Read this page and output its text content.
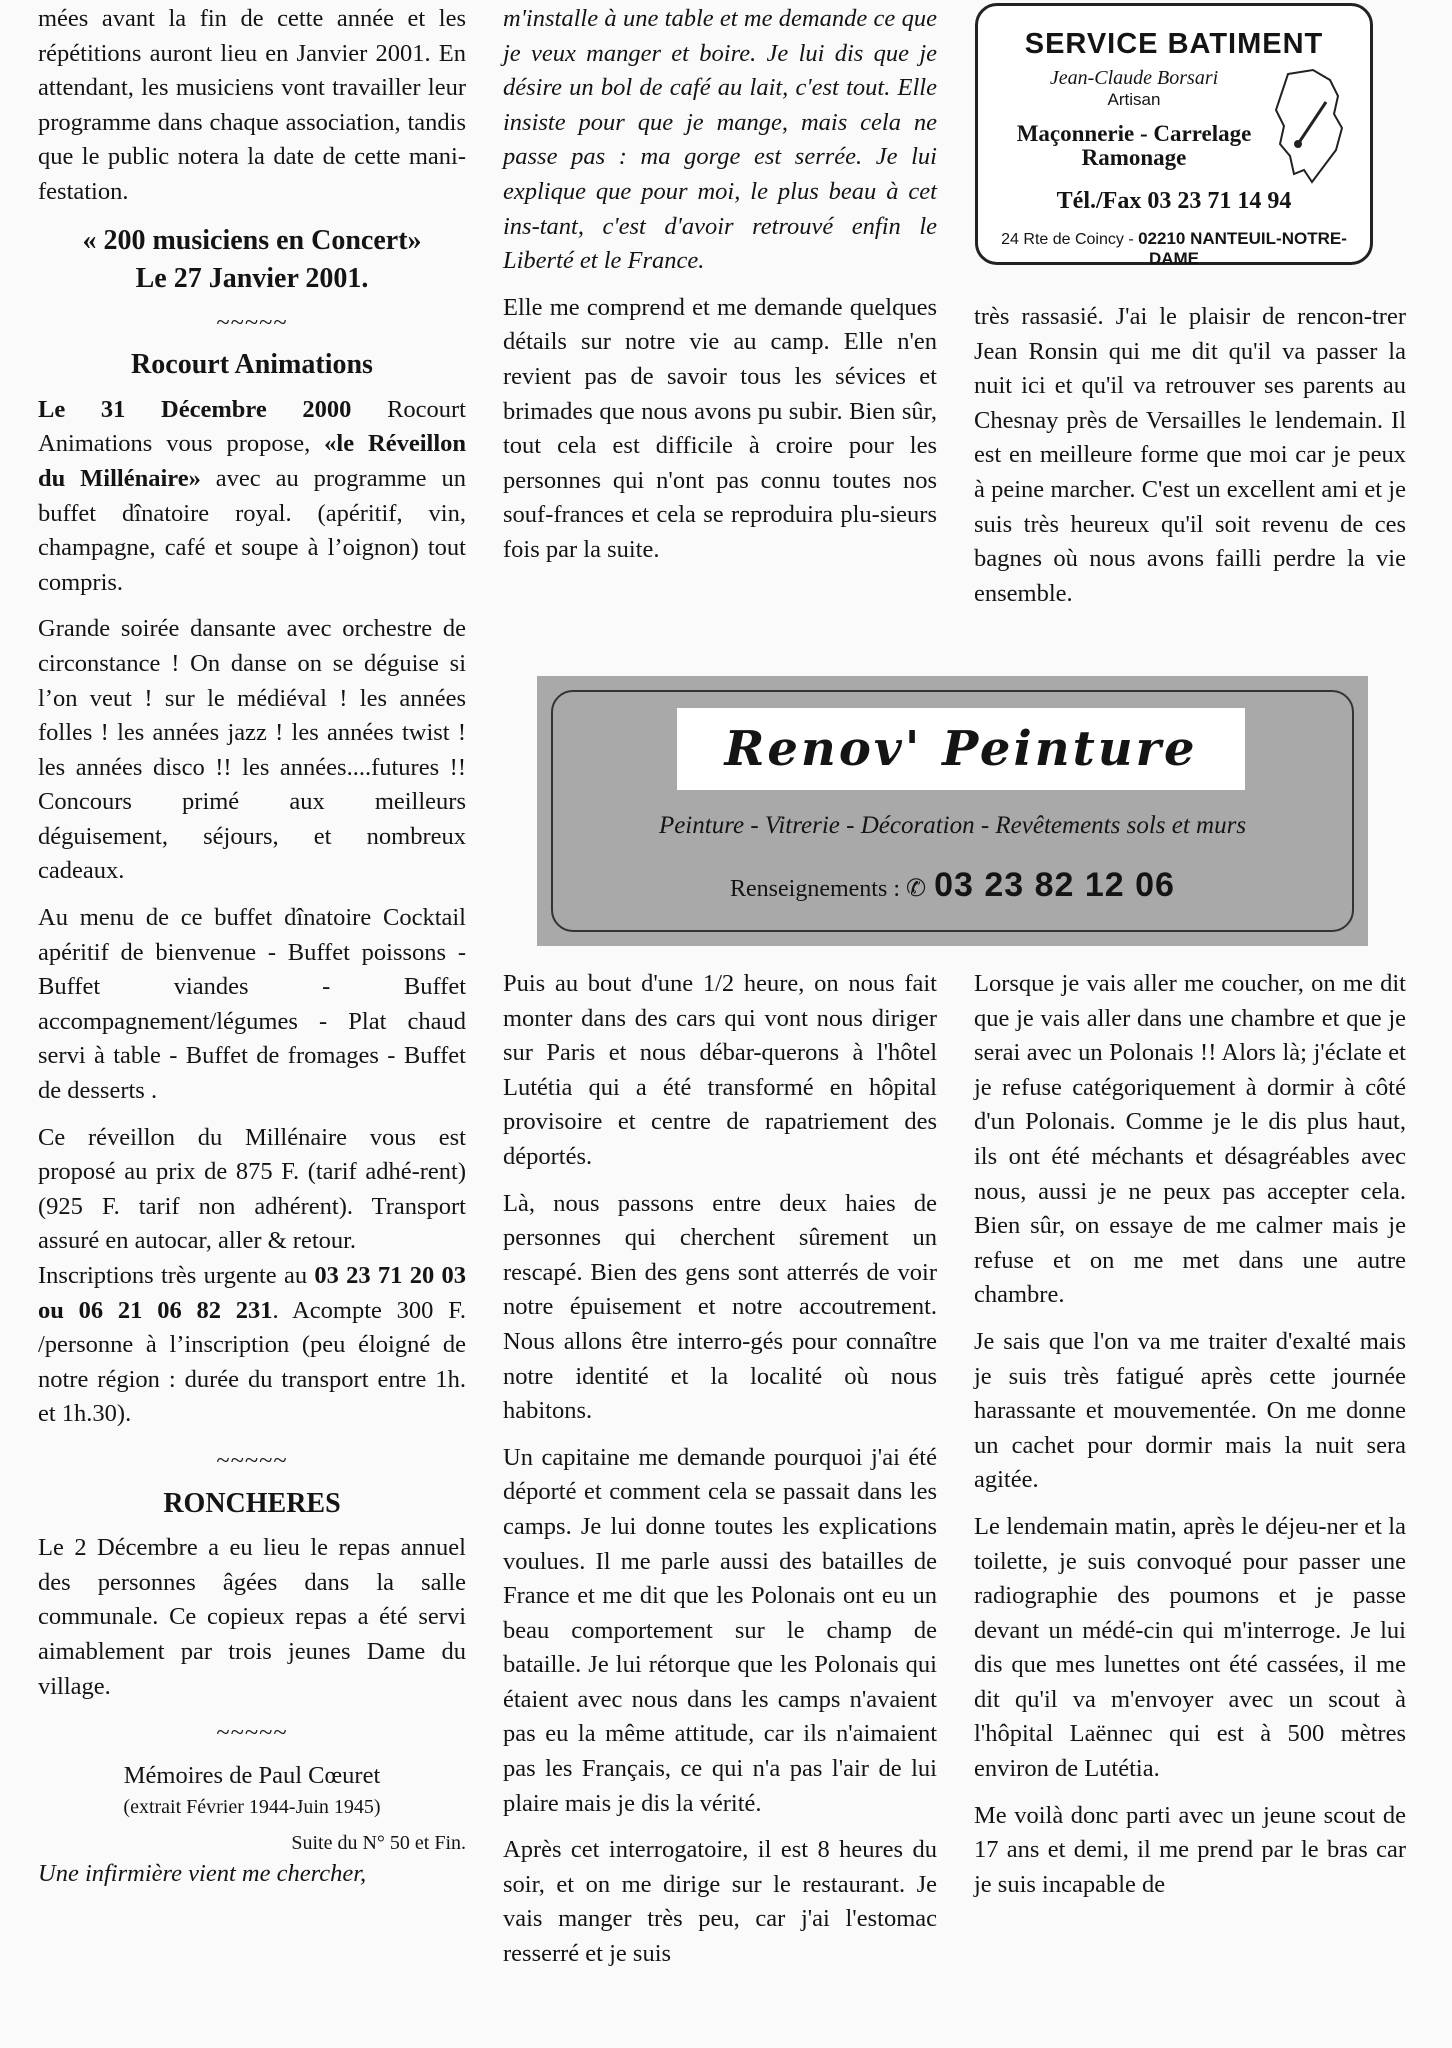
mées avant la fin de cette année et les répétitions auront lieu en Janvier 2001. En attendant, les musiciens vont travailler leur programme dans chaque association, tandis que le public notera la date de cette mani-festation.

« 200 musiciens en Concert»
Le 27 Janvier 2001.
~~~~~
Rocourt Animations

Le 31 Décembre 2000 Rocourt Animations vous propose, «le Réveillon du Millénaire» avec au programme un buffet dînatoire royal. (apéritif, vin, champagne, café et soupe à l’oignon) tout compris.

Grande soirée dansante avec orchestre de circonstance ! On danse on se déguise si l’on veut ! sur le médiéval ! les années folles ! les années jazz ! les années twist ! les années disco !! les années....futures !! Concours primé aux meilleurs déguisement, séjours, et nombreux cadeaux.

Au menu de ce buffet dînatoire Cocktail apéritif de bienvenue - Buffet poissons - Buffet viandes - Buffet accompagnement/légumes - Plat chaud servi à table - Buffet de fromages - Buffet de desserts .

Ce réveillon du Millénaire vous est proposé au prix de 875 F. (tarif adhé-rent) (925 F. tarif non adhérent). Transport assuré en autocar, aller & retour.

Inscriptions très urgente au 03 23 71 20 03 ou 06 21 06 82 231. Acompte 300 F. /personne à l’inscription (peu éloigné de notre région : durée du transport entre 1h. et 1h.30).

~~~~~
RONCHERES

Le 2 Décembre a eu lieu le repas annuel des personnes âgées dans la salle communale. Ce copieux repas a été servi aimablement par trois jeunes Dame du village.

~~~~~
Mémoires de Paul Cœuret
(extrait Février 1944-Juin 1945)
Suite du N° 50 et Fin.
Une infirmière vient me chercher,

m'installe à une table et me demande ce que je veux manger et boire. Je lui dis que je désire un bol de café au lait, c'est tout. Elle insiste pour que je mange, mais cela ne passe pas : ma gorge est serrée. Je lui explique que pour moi, le plus beau à cet ins-tant, c'est d'avoir retrouvé enfin le Liberté et le France.

Elle me comprend et me demande quelques détails sur notre vie au camp. Elle n'en revient pas de savoir tous les sévices et brimades que nous avons pu subir. Bien sûr, tout cela est difficile à croire pour les personnes qui n'ont pas connu toutes nos souf-frances et cela se reproduira plu-sieurs fois par la suite.

SERVICE BATIMENT
Jean-Claude Borsari
Artisan
Maçonnerie - Carrelage Ramonage
Tél./Fax 03 23 71 14 94
24 Rte de Coincy - 02210 NANTEUIL-NOTRE-DAME

très rassasié. J'ai le plaisir de rencon-trer Jean Ronsin qui me dit qu'il va passer la nuit ici et qu'il va retrouver ses parents au Chesnay près de Versailles le lendemain. Il est en meilleure forme que moi car je peux à peine marcher. C'est un excellent ami et je suis très heureux qu'il soit revenu de ces bagnes où nous avons failli perdre la vie ensemble.

Renov' Peinture
Peinture - Vitrerie - Décoration - Revêtements sols et murs
Renseignements : ✆ 03 23 82 12 06

Puis au bout d'une 1/2 heure, on nous fait monter dans des cars qui vont nous diriger sur Paris et nous débar-querons à l'hôtel Lutétia qui a été transformé en hôpital provisoire et centre de rapatriement des déportés.

Là, nous passons entre deux haies de personnes qui cherchent sûrement un rescapé. Bien des gens sont atterrés de voir notre épuisement et notre accoutrement. Nous allons être interro-gés pour connaître notre identité et la localité où nous habitons.

Un capitaine me demande pourquoi j'ai été déporté et comment cela se passait dans les camps. Je lui donne toutes les explications voulues. Il me parle aussi des batailles de France et me dit que les Polonais ont eu un beau comportement sur le champ de bataille. Je lui rétorque que les Polonais qui étaient avec nous dans les camps n'avaient pas eu la même attitude, car ils n'aimaient pas les Français, ce qui n'a pas l'air de lui plaire mais je dis la vérité.

Après cet interrogatoire, il est 8 heures du soir, et on me dirige sur le restaurant. Je vais manger très peu, car j'ai l'estomac resserré et je suis

Lorsque je vais aller me coucher, on me dit que je vais aller dans une chambre et que je serai avec un Polonais !! Alors là; j'éclate et je refuse catégoriquement à dormir à côté d'un Polonais. Comme je le dis plus haut, ils ont été méchants et désagréables avec nous, aussi je ne peux pas accepter cela. Bien sûr, on essaye de me calmer mais je refuse et on me met dans une autre chambre.

Je sais que l'on va me traiter d'exalté mais je suis très fatigué après cette journée harassante et mouvementée. On me donne un cachet pour dormir mais la nuit sera agitée.

Le lendemain matin, après le déjeu-ner et la toilette, je suis convoqué pour passer une radiographie des poumons et je passe devant un médé-cin qui m'interroge. Je lui dis que mes lunettes ont été cassées, il me dit qu'il va m'envoyer avec un scout à l'hôpital Laënnec qui est à 500 mètres environ de Lutétia.

Me voilà donc parti avec un jeune scout de 17 ans et demi, il me prend par le bras car je suis incapable de
